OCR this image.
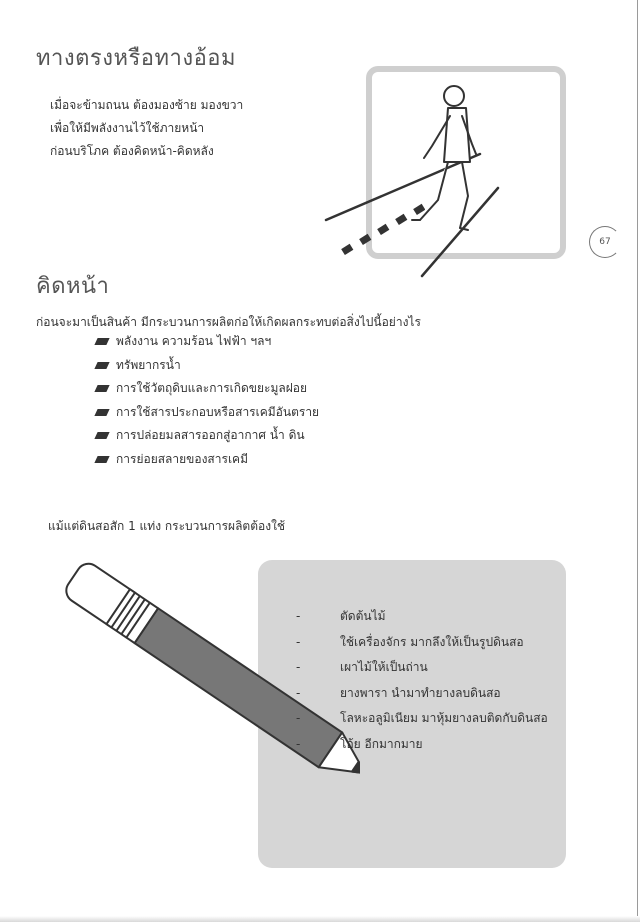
ทางตรงหรือทางอ้อม
เมื่อจะข้ามถนน ต้องมองซ้าย มองขวา
เพื่อให้มีพลังงานไว้ใช้ภายหน้า
ก่อนบริโภค ต้องคิดหน้า-คิดหลัง
67
คิดหน้า
ก่อนจะมาเป็นสินค้า มีกระบวนการผลิตก่อให้เกิดผลกระทบต่อสิ่งไปนี้อย่างไร
พลังงาน ความร้อน ไฟฟ้า ฯลฯ
ทรัพยากรน้ำ
การใช้วัตถุดิบและการเกิดขยะมูลฝอย
การใช้สารประกอบหรือสารเคมีอันตราย
การปล่อยมลสารออกสู่อากาศ น้ำ ดิน
การย่อยสลายของสารเคมี
แม้แต่ดินสอสัก 1 แท่ง กระบวนการผลิตต้องใช้
-	ตัดต้นไม้
-	ใช้เครื่องจักร มากลึงให้เป็นรูปดินสอ
-	เผาไม้ให้เป็นถ่าน
-	ยางพารา นำมาทำยางลบดินสอ
-	โลหะอลูมิเนียม มาหุ้มยางลบติดกับดินสอ
-	โอ้ย อีกมากมาย
